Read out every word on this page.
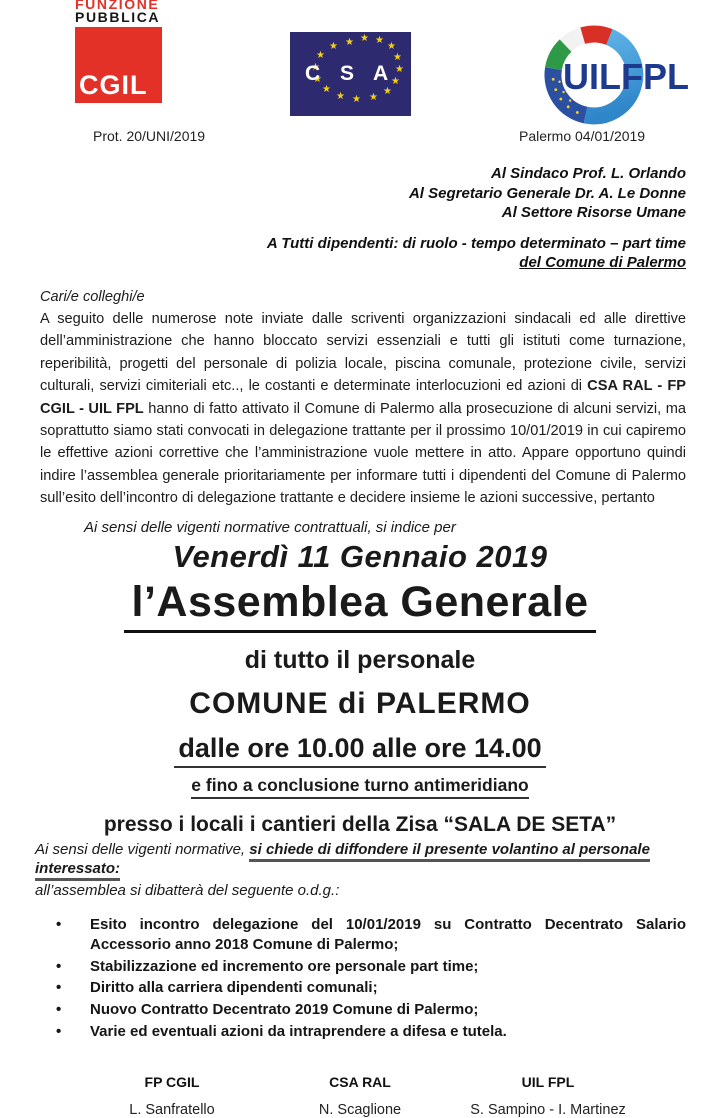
FUNZIONE
PUBBLICA
CGIL
★
★
★
★
★ ★ ★
★
★
★
★
★ ★ ★
★
★	C S A	UILFPL
Prot. 20/UNI/2019	Palermo 04/01/2019
Al Sindaco Prof. L. Orlando
Al Segretario Generale Dr. A. Le Donne
Al Settore Risorse Umane
A Tutti dipendenti: di ruolo - tempo determinato – part time
del Comune di Palermo
Cari/e colleghi/e
A seguito delle numerose note inviate dalle scriventi organizzazioni sindacali ed alle direttive dell’amministrazione che hanno bloccato servizi essenziali e tutti gli istituti come turnazione, reperibilità, progetti del personale di polizia locale, piscina comunale, protezione civile, servizi culturali, servizi cimiteriali etc.., le costanti e determinate interlocuzioni ed azioni di CSA RAL - FP CGIL - UIL FPL hanno di fatto attivato il Comune di Palermo alla prosecuzione di alcuni servizi, ma soprattutto siamo stati convocati in delegazione trattante per il prossimo 10/01/2019 in cui capiremo le effettive azioni correttive che l’amministrazione vuole mettere in atto. Appare opportuno quindi indire l’assemblea generale prioritariamente per informare tutti i dipendenti del Comune di Palermo sull’esito dell’incontro di delegazione trattante e decidere insieme le azioni successive, pertanto
Ai sensi delle vigenti normative contrattuali, si indice per
Venerdì 11 Gennaio 2019
l’Assemblea Generale
di tutto il personale
COMUNE di PALERMO
dalle ore 10.00 alle ore 14.00
e fino a conclusione turno antimeridiano
presso i locali i cantieri della Zisa “SALA DE SETA”
Ai sensi delle vigenti normative, si chiede di diffondere il presente volantino al personale interessato:
all’assemblea si dibatterà del seguente o.d.g.:
•
Esito incontro delegazione del 10/01/2019 su Contratto Decentrato Salario Accessorio anno 2018 Comune di Palermo;
•
Stabilizzazione ed incremento ore personale part time;
•
Diritto alla carriera dipendenti comunali;
•
Nuovo Contratto Decentrato 2019 Comune di Palermo;
•
Varie ed eventuali azioni da intraprendere a difesa e tutela.
FP CGIL
L. Sanfratello
CSA RAL
N. Scaglione
UIL FPL
S. Sampino - I. Martinez
